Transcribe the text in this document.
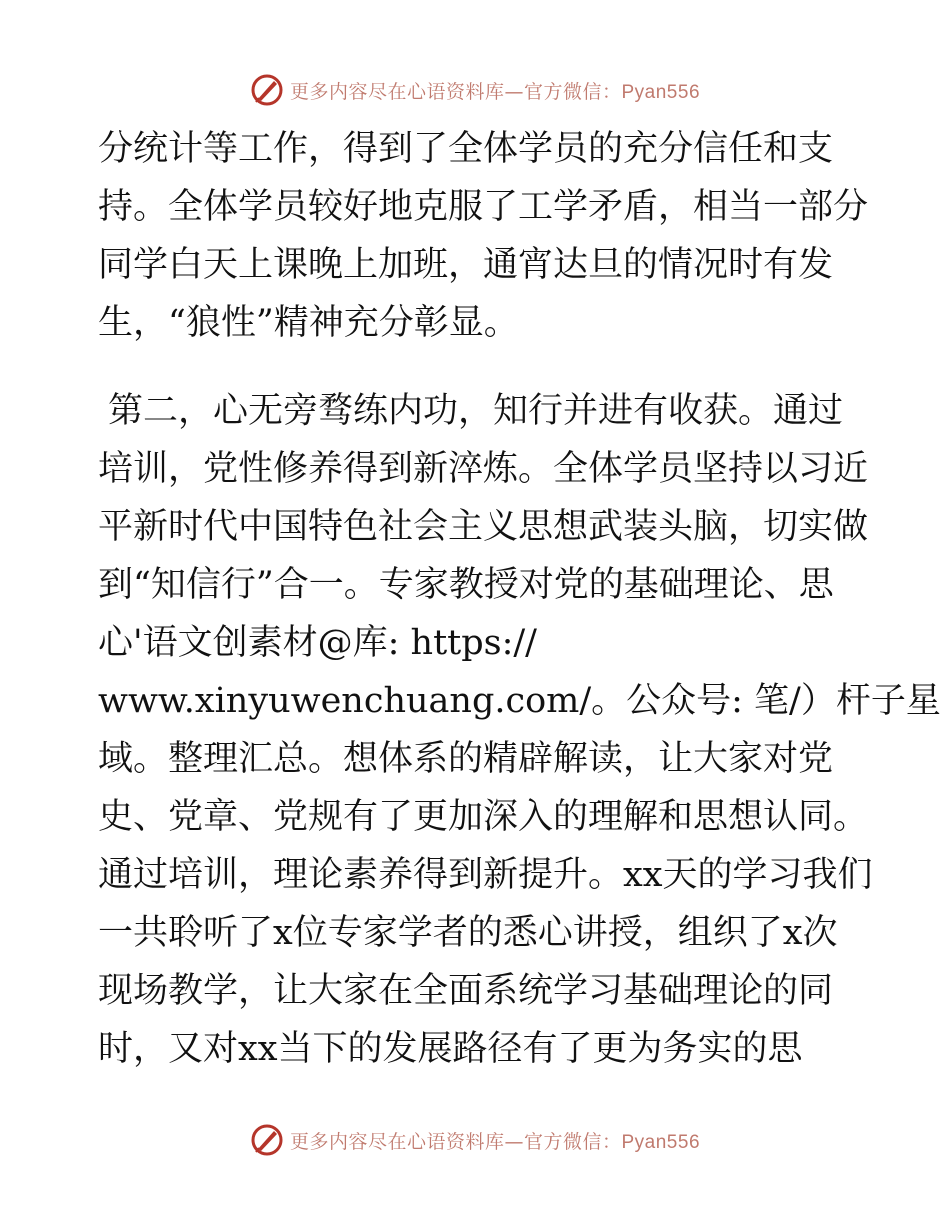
更多内容尽在心语资料库—官方微信：Pyan556
分统计等工作，得到了全体学员的充分信任和支
持。全体学员较好地克服了工学矛盾，相当一部分
同学白天上课晚上加班，通宵达旦的情况时有发
生，“狼性”精神充分彰显。
第二，心无旁骛练内功，知行并进有收获。通过
培训，党性修养得到新淬炼。全体学员坚持以习近
平新时代中国特色社会主义思想武装头脑，切实做
到“知信行”合一。专家教授对党的基础理论、思
心'语文创素材@库: https://
www.xinyuwenchuang.com/。公众号: 笔/）杆子星
域。整理汇总。想体系的精辟解读，让大家对党
史、党章、党规有了更加深入的理解和思想认同。
通过培训，理论素养得到新提升。xx天的学习我们
一共聆听了x位专家学者的悉心讲授，组织了x次
现场教学，让大家在全面系统学习基础理论的同
时，又对xx当下的发展路径有了更为务实的思
更多内容尽在心语资料库—官方微信：Pyan556
